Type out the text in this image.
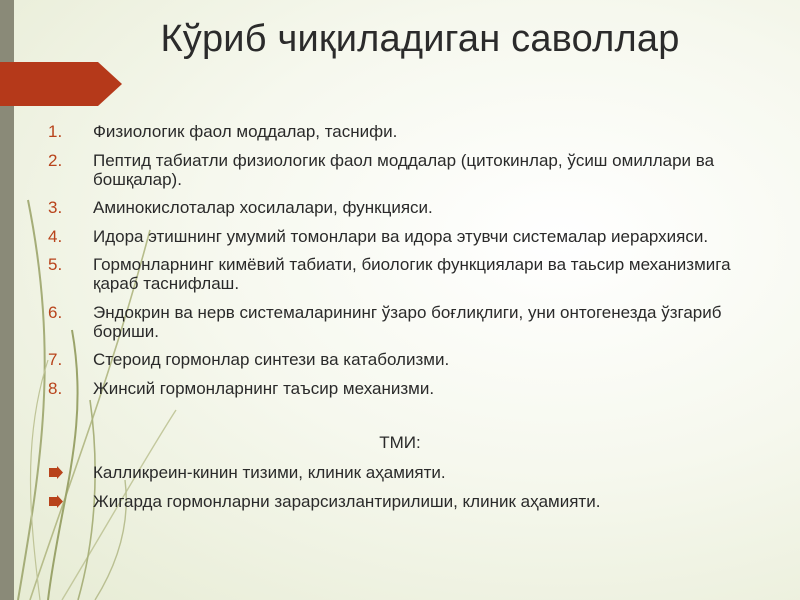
Кўриб чиқиладиган саволлар
1. Физиологик фаол моддалар, таснифи.
2. Пептид табиатли физиологик фаол моддалар (цитокинлар, ўсиш омиллари ва бошқалар).
3. Аминокислоталар хосилалари, функцияси.
4. Идора этишнинг умумий томонлари ва идора этувчи системалар иерархияси.
5. Гормонларнинг кимёвий табиати, биологик функциялари ва таьсир механизмига қараб таснифлаш.
6. Эндокрин ва нерв системаларининг ўзаро боғлиқлиги, уни онтогенезда ўзгариб бориши.
7. Стероид гормонлар синтези ва катаболизми.
8. Жинсий гормонларнинг таъсир механизми.
ТМИ:
Калликреин-кинин тизими, клиник аҳамияти.
Жигарда гормонларни зарарсизлантирилиши, клиник аҳамияти.
